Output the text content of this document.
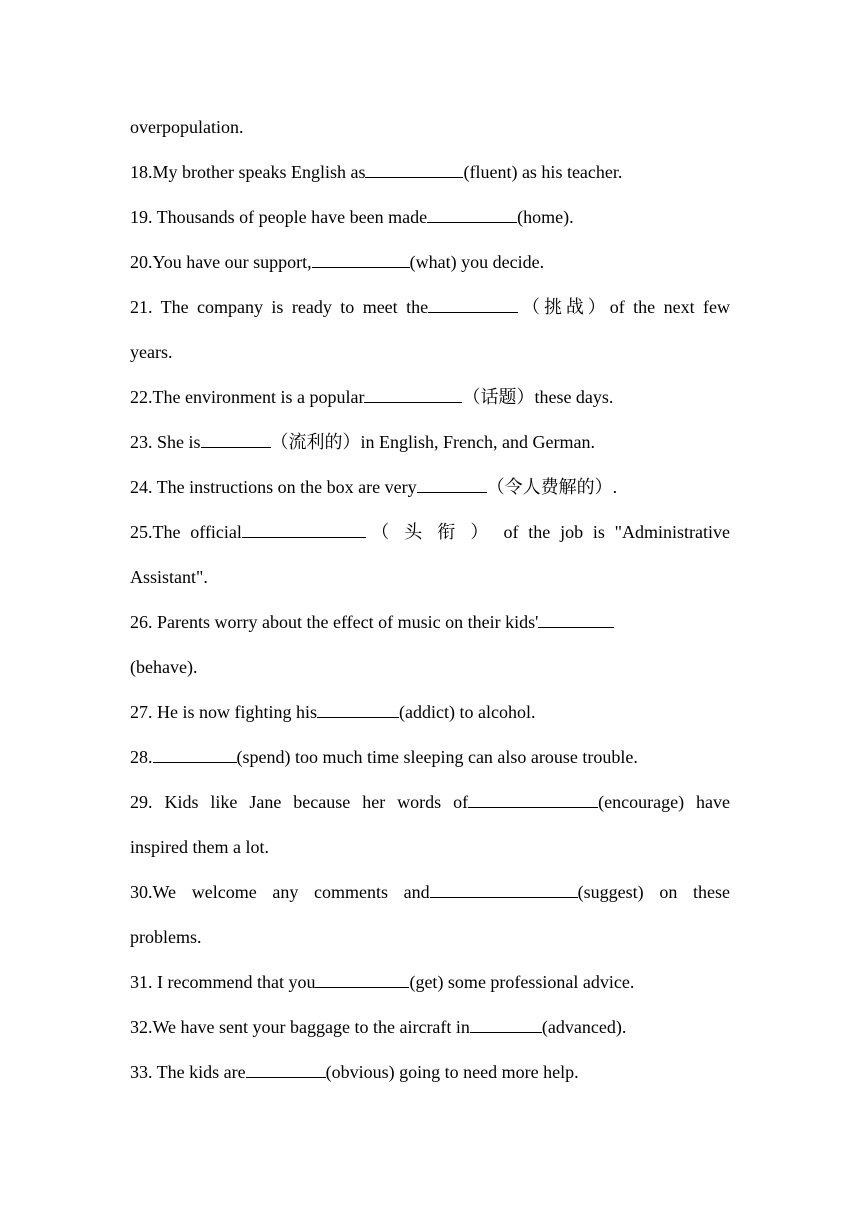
overpopulation.
18.My brother speaks English as	(fluent) as his teacher.
19. Thousands of people have been made	(home).
20.You have our support,	(what) you decide.
21. The company is ready to meet the	（挑战）of the next few
years.
22.The environment is a popular	（话题）these days.
23. She is	（流利的）in English, French, and German.
24. The instructions on the box are very	（令人费解的）.
25.The official	（ 头 衔 ） of the job is "Administrative
Assistant".
26. Parents worry about the effect of music on their kids'
(behave).
27. He is now fighting his	(addict) to alcohol.
28.	(spend) too much time sleeping can also arouse trouble.
29. Kids like Jane because her words of	(encourage) have
inspired them a lot.
30.We welcome any comments and	(suggest) on these
problems.
31. I recommend that you	(get) some professional advice.
32.We have sent your baggage to the aircraft in	(advanced).
33. The kids are	(obvious) going to need more help.
